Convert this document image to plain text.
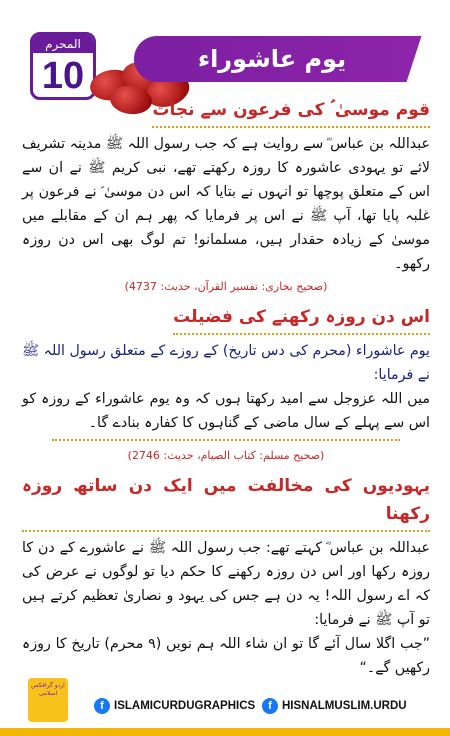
المحرم
10	یوم عاشوراء
قوم موسیٰ ؑ کی فرعون سے نجات

عبداللہ بن عباس ؓ سے روایت ہے کہ جب رسول اللہ ﷺ مدینہ تشریف لائے تو یہودی عاشورہ کا روزہ رکھتے تھے، نبی کریم ﷺ نے ان سے اس کے متعلق پوچھا تو انہوں نے بتایا کہ اس دن موسیٰ ؑ نے فرعون پر غلبہ پایا تھا، آپ ﷺ نے اس پر فرمایا کہ پھر ہم ان کے مقابلے میں موسیٰ کے زیادہ حقدار ہیں، مسلمانو! تم لوگ بھی اس دن روزہ رکھو۔

(صحیح بخاری: تفسیر القرآن، حدیث: 4737)
اس دن روزہ رکھنے کی فضیلت

یوم عاشوراء (محرم کی دس تاریخ) کے روزے کے متعلق رسول اللہ ﷺ نے فرمایا:

میں اللہ عزوجل سے امید رکھتا ہوں کہ وہ یوم عاشوراء کے روزہ کو اس سے پہلے کے سال ماضی کے گناہوں کا کفارہ بنادے گا۔

(صحیح مسلم: کتاب الصیام، حدیث: 2746)
یہودیوں کی مخالفت میں ایک دن ساتھ روزہ رکھنا

عبداللہ بن عباس ؓ کہتے تھے: جب رسول اللہ ﷺ نے عاشورے کے دن کا روزہ رکھا اور اس دن روزہ رکھنے کا حکم دیا تو لوگوں نے عرض کی کہ اے رسول اللہ! یہ دن ہے جس کی یہود و نصاریٰ تعظیم کرتے ہیں تو آپ ﷺ نے فرمایا:

”جب اگلا سال آئے گا تو ان شاء اللہ ہم نویں (۹ محرم) تاریخ کا روزہ رکھیں گے۔“

اردو گرافکس اسلامی
f ISLAMICURDUGRAPHICS	f HISNALMUSLIM.URDU
